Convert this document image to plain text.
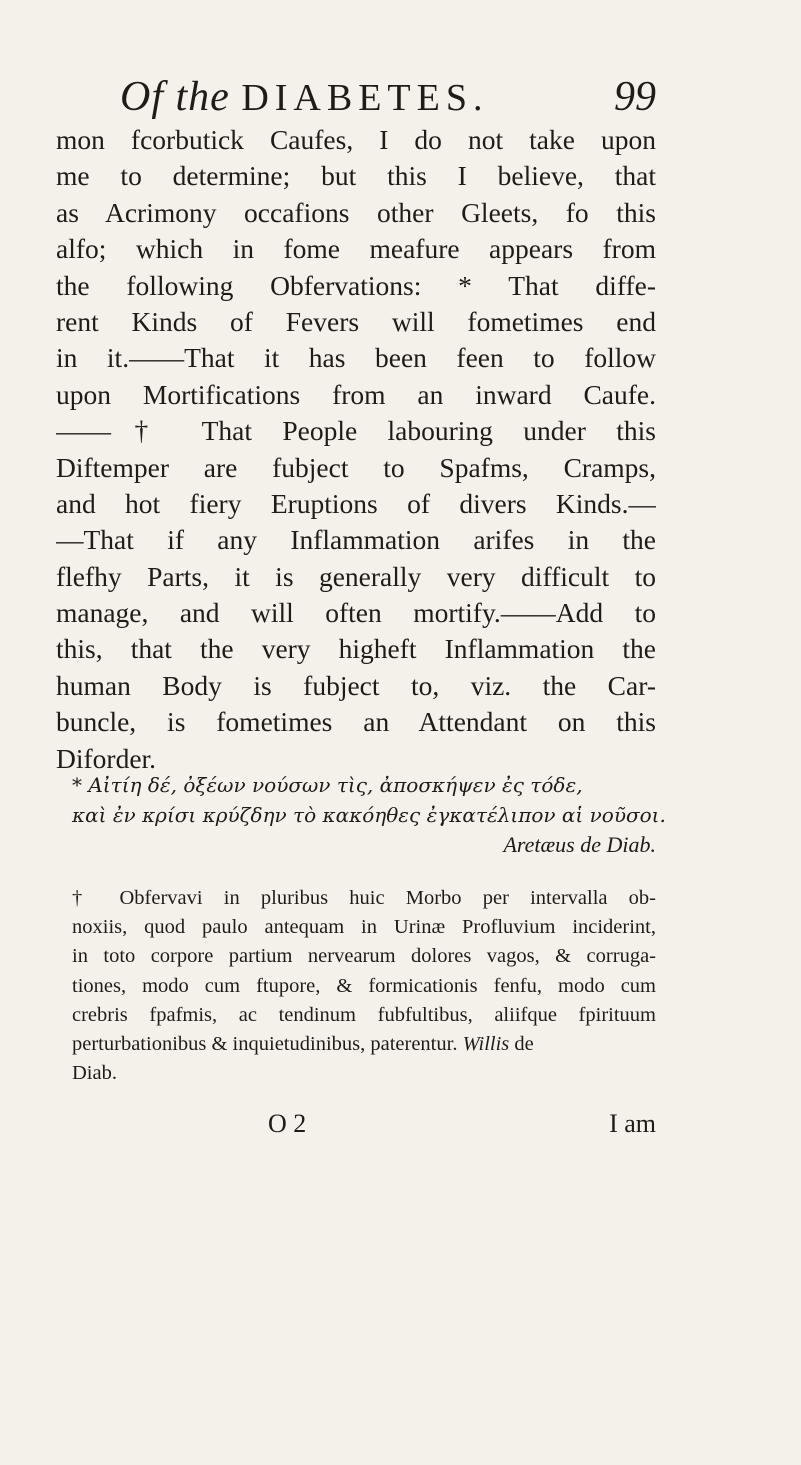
Of the DIABETES.	99
mon fcorbutick Caufes, I do not take upon
me to determine; but this I believe, that
as Acrimony occafions other Gleets, fo this
alfo; which in fome meafure appears from
the following Obfervations: * That diffe-
rent Kinds of Fevers will fometimes end
in it.——That it has been feen to follow
upon Mortifications from an inward Caufe.
——† That People labouring under this
Diftemper are fubject to Spafms, Cramps,
and hot fiery Eruptions of divers Kinds.—
—That if any Inflammation arifes in the
flefhy Parts, it is generally very difficult to
manage, and will often mortify.——Add to
this, that the very higheft Inflammation the
human Body is fubject to, viz. the Car-
buncle, is fometimes an Attendant on this
Diforder.
* Αἰτίη δέ, ὀξέων νούσων τὶς, ἀποσκήψεν ἐς τόδε,
καὶ ἐν κρίσι κρύζδην τὸ κακόηθες ἐγκατέλιπον αἱ νοῦσοι.
Aretæus de Diab.
† Obfervavi in pluribus huic Morbo per intervalla ob-
noxiis, quod paulo antequam in Urinæ Profluvium inciderint,
in toto corpore partium nervearum dolores vagos, & corruga-
tiones, modo cum ftupore, & formicationis fenfu, modo cum
crebris fpafmis, ac tendinum fubfultibus, aliifque fpirituum
perturbationibus & inquietudinibus, paterentur. Willis de
Diab.
O 2	I am
